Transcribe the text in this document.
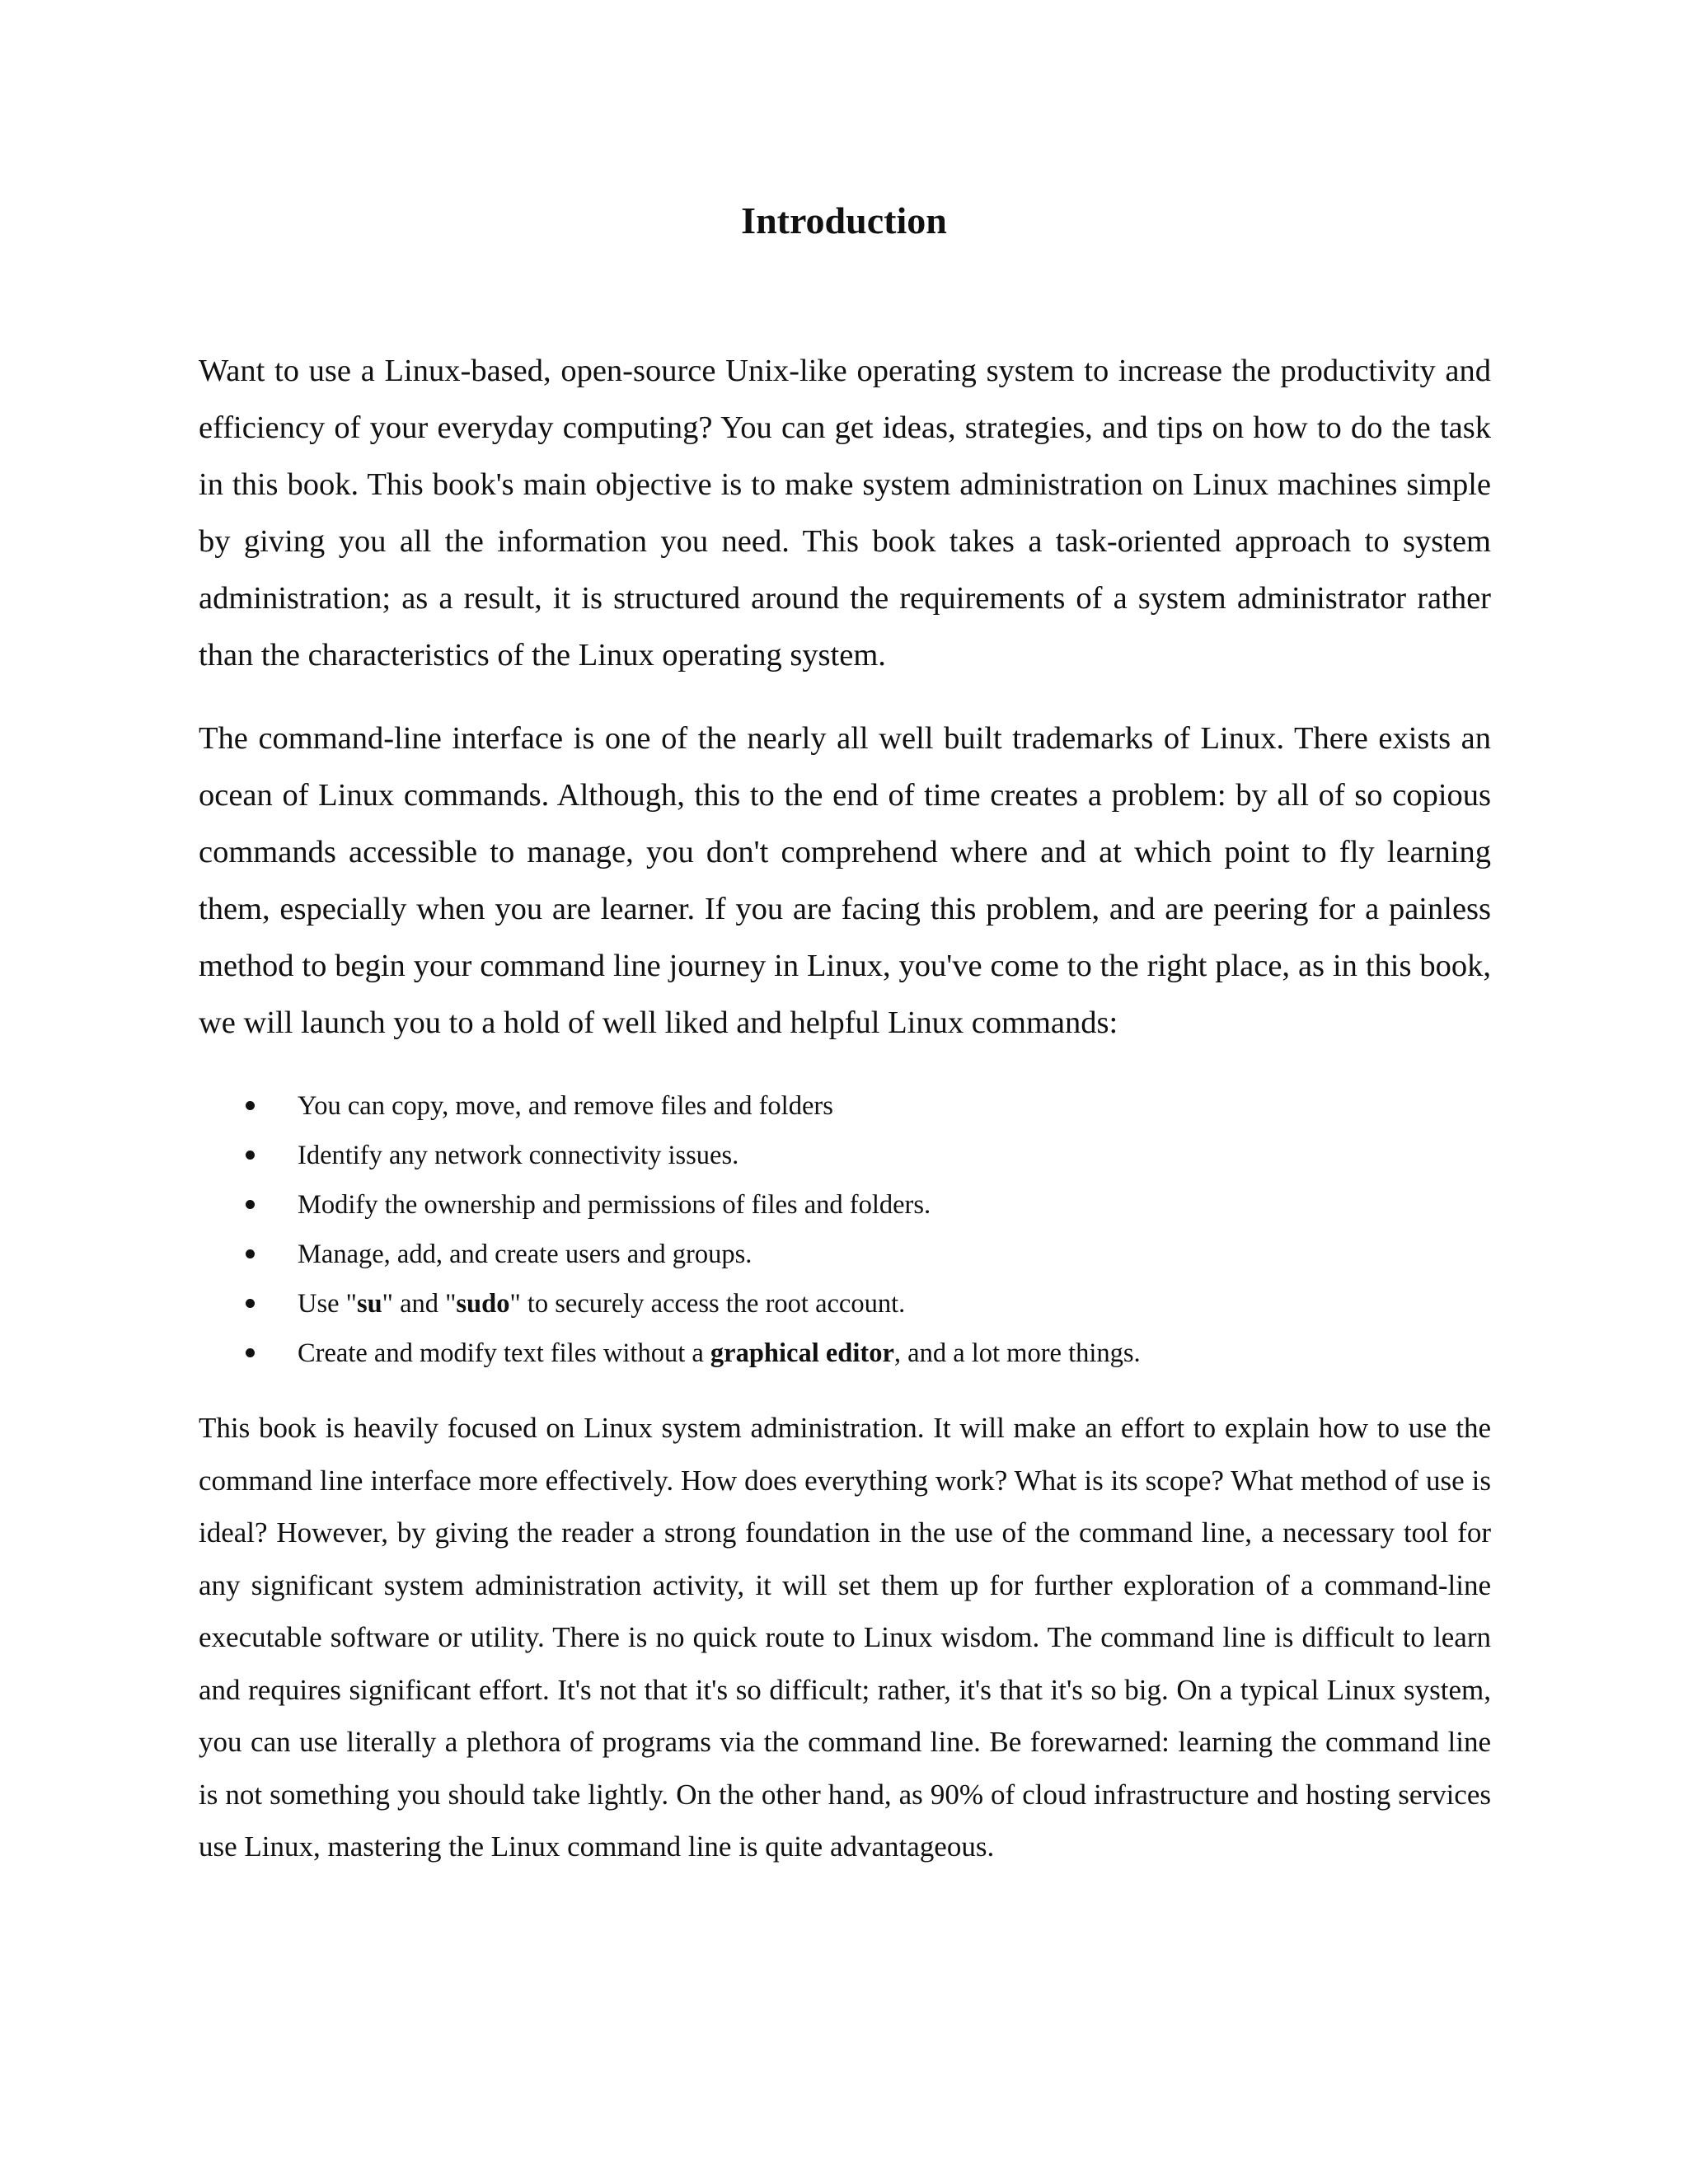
Introduction

Want to use a Linux-based, open-source Unix-like operating system to increase the productivity and efficiency of your everyday computing? You can get ideas, strategies, and tips on how to do the task in this book. This book's main objective is to make system administration on Linux machines simple by giving you all the information you need. This book takes a task-oriented approach to system administration; as a result, it is structured around the requirements of a system administrator rather than the characteristics of the Linux operating system.

The command-line interface is one of the nearly all well built trademarks of Linux. There exists an ocean of Linux commands. Although, this to the end of time creates a problem: by all of so copious commands accessible to manage, you don't comprehend where and at which point to fly learning them, especially when you are learner. If you are facing this problem, and are peering for a painless method to begin your command line journey in Linux, you've come to the right place, as in this book, we will launch you to a hold of well liked and helpful Linux commands:

You can copy, move, and remove files and folders
Identify any network connectivity issues.
Modify the ownership and permissions of files and folders.
Manage, add, and create users and groups.
Use "su" and "sudo" to securely access the root account.
Create and modify text files without a graphical editor, and a lot more things.

This book is heavily focused on Linux system administration. It will make an effort to explain how to use the command line interface more effectively. How does everything work? What is its scope? What method of use is ideal? However, by giving the reader a strong foundation in the use of the command line, a necessary tool for any significant system administration activity, it will set them up for further exploration of a command-line executable software or utility. There is no quick route to Linux wisdom. The command line is difficult to learn and requires significant effort. It's not that it's so difficult; rather, it's that it's so big. On a typical Linux system, you can use literally a plethora of programs via the command line. Be forewarned: learning the command line is not something you should take lightly. On the other hand, as 90% of cloud infrastructure and hosting services use Linux, mastering the Linux command line is quite advantageous.
